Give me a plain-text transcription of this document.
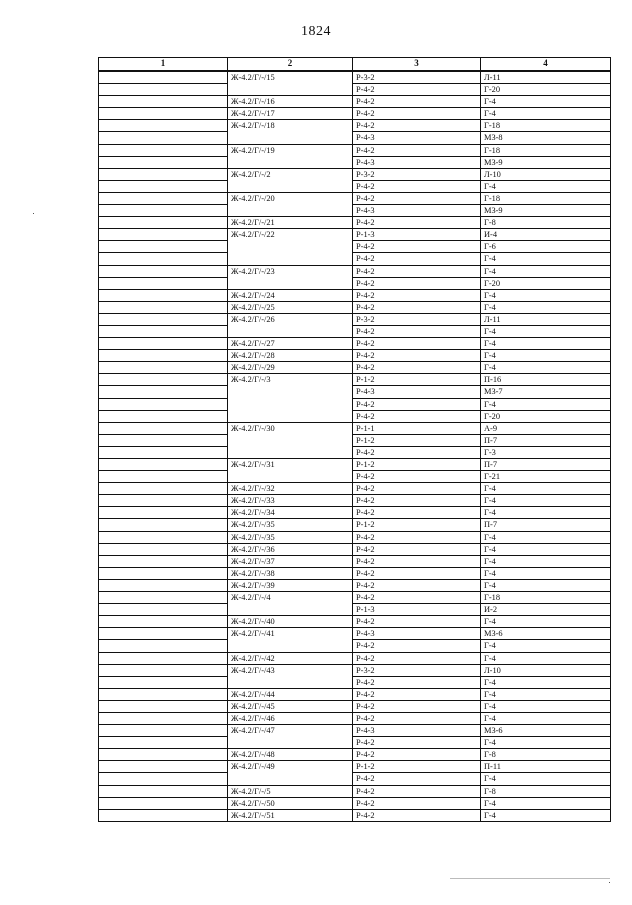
1824
1	2	3	4
	Ж-4.2/Г/-/15	Р-3-2	Л-11
		Р-4-2	Г-20
	Ж-4.2/Г/-/16	Р-4-2	Г-4
	Ж-4.2/Г/-/17	Р-4-2	Г-4
	Ж-4.2/Г/-/18	Р-4-2	Г-18
		Р-4-3	МЗ-8
	Ж-4.2/Г/-/19	Р-4-2	Г-18
		Р-4-3	МЗ-9
	Ж-4.2/Г/-/2	Р-3-2	Л-10
		Р-4-2	Г-4
	Ж-4.2/Г/-/20	Р-4-2	Г-18
		Р-4-3	МЗ-9
	Ж-4.2/Г/-/21	Р-4-2	Г-8
	Ж-4.2/Г/-/22	Р-1-3	И-4
		Р-4-2	Г-6
		Р-4-2	Г-4
	Ж-4.2/Г/-/23	Р-4-2	Г-4
		Р-4-2	Г-20
	Ж-4.2/Г/-/24	Р-4-2	Г-4
	Ж-4.2/Г/-/25	Р-4-2	Г-4
	Ж-4.2/Г/-/26	Р-3-2	Л-11
		Р-4-2	Г-4
	Ж-4.2/Г/-/27	Р-4-2	Г-4
	Ж-4.2/Г/-/28	Р-4-2	Г-4
	Ж-4.2/Г/-/29	Р-4-2	Г-4
	Ж-4.2/Г/-/3	Р-1-2	П-16
		Р-4-3	МЗ-7
		Р-4-2	Г-4
		Р-4-2	Г-20
	Ж-4.2/Г/-/30	Р-1-1	А-9
		Р-1-2	П-7
		Р-4-2	Г-3
	Ж-4.2/Г/-/31	Р-1-2	П-7
		Р-4-2	Г-21
	Ж-4.2/Г/-/32	Р-4-2	Г-4
	Ж-4.2/Г/-/33	Р-4-2	Г-4
	Ж-4.2/Г/-/34	Р-4-2	Г-4
	Ж-4.2/Г/-/35	Р-1-2	П-7
	Ж-4.2/Г/-/35	Р-4-2	Г-4
	Ж-4.2/Г/-/36	Р-4-2	Г-4
	Ж-4.2/Г/-/37	Р-4-2	Г-4
	Ж-4.2/Г/-/38	Р-4-2	Г-4
	Ж-4.2/Г/-/39	Р-4-2	Г-4
	Ж-4.2/Г/-/4	Р-4-2	Г-18
		Р-1-3	И-2
	Ж-4.2/Г/-/40	Р-4-2	Г-4
	Ж-4.2/Г/-/41	Р-4-3	МЗ-6
		Р-4-2	Г-4
	Ж-4.2/Г/-/42	Р-4-2	Г-4
	Ж-4.2/Г/-/43	Р-3-2	Л-10
		Р-4-2	Г-4
	Ж-4.2/Г/-/44	Р-4-2	Г-4
	Ж-4.2/Г/-/45	Р-4-2	Г-4
	Ж-4.2/Г/-/46	Р-4-2	Г-4
	Ж-4.2/Г/-/47	Р-4-3	МЗ-6
		Р-4-2	Г-4
	Ж-4.2/Г/-/48	Р-4-2	Г-8
	Ж-4.2/Г/-/49	Р-1-2	П-11
		Р-4-2	Г-4
	Ж-4.2/Г/-/5	Р-4-2	Г-8
	Ж-4.2/Г/-/50	Р-4-2	Г-4
	Ж-4.2/Г/-/51	Р-4-2	Г-4
